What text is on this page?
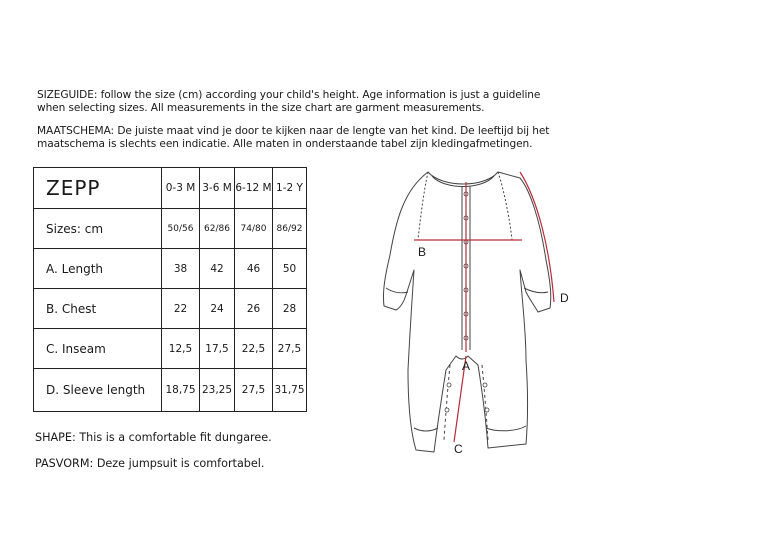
SIZEGUIDE: follow the size (cm) according your child's height. Age information is just a guideline
when selecting sizes. All measurements in the size chart are garment measurements.
MAATSCHEMA: De juiste maat vind je door te kijken naar de lengte van het kind. De leeftijd bij het
maatschema is slechts een indicatie. Alle maten in onderstaande tabel zijn kledingafmetingen.
ZEPP	0-3 M	3-6 M	6-12 M	1-2 Y
Sizes: cm	50/56	62/86	74/80	86/92
A. Length	38	42	46	50
B. Chest	22	24	26	28
C. Inseam	12,5	17,5	22,5	27,5
D. Sleeve length	18,75	23,25	27,5	31,75
SHAPE: This is a comfortable fit dungaree.
PASVORM: Deze jumpsuit is comfortabel.
A
B
C
D
